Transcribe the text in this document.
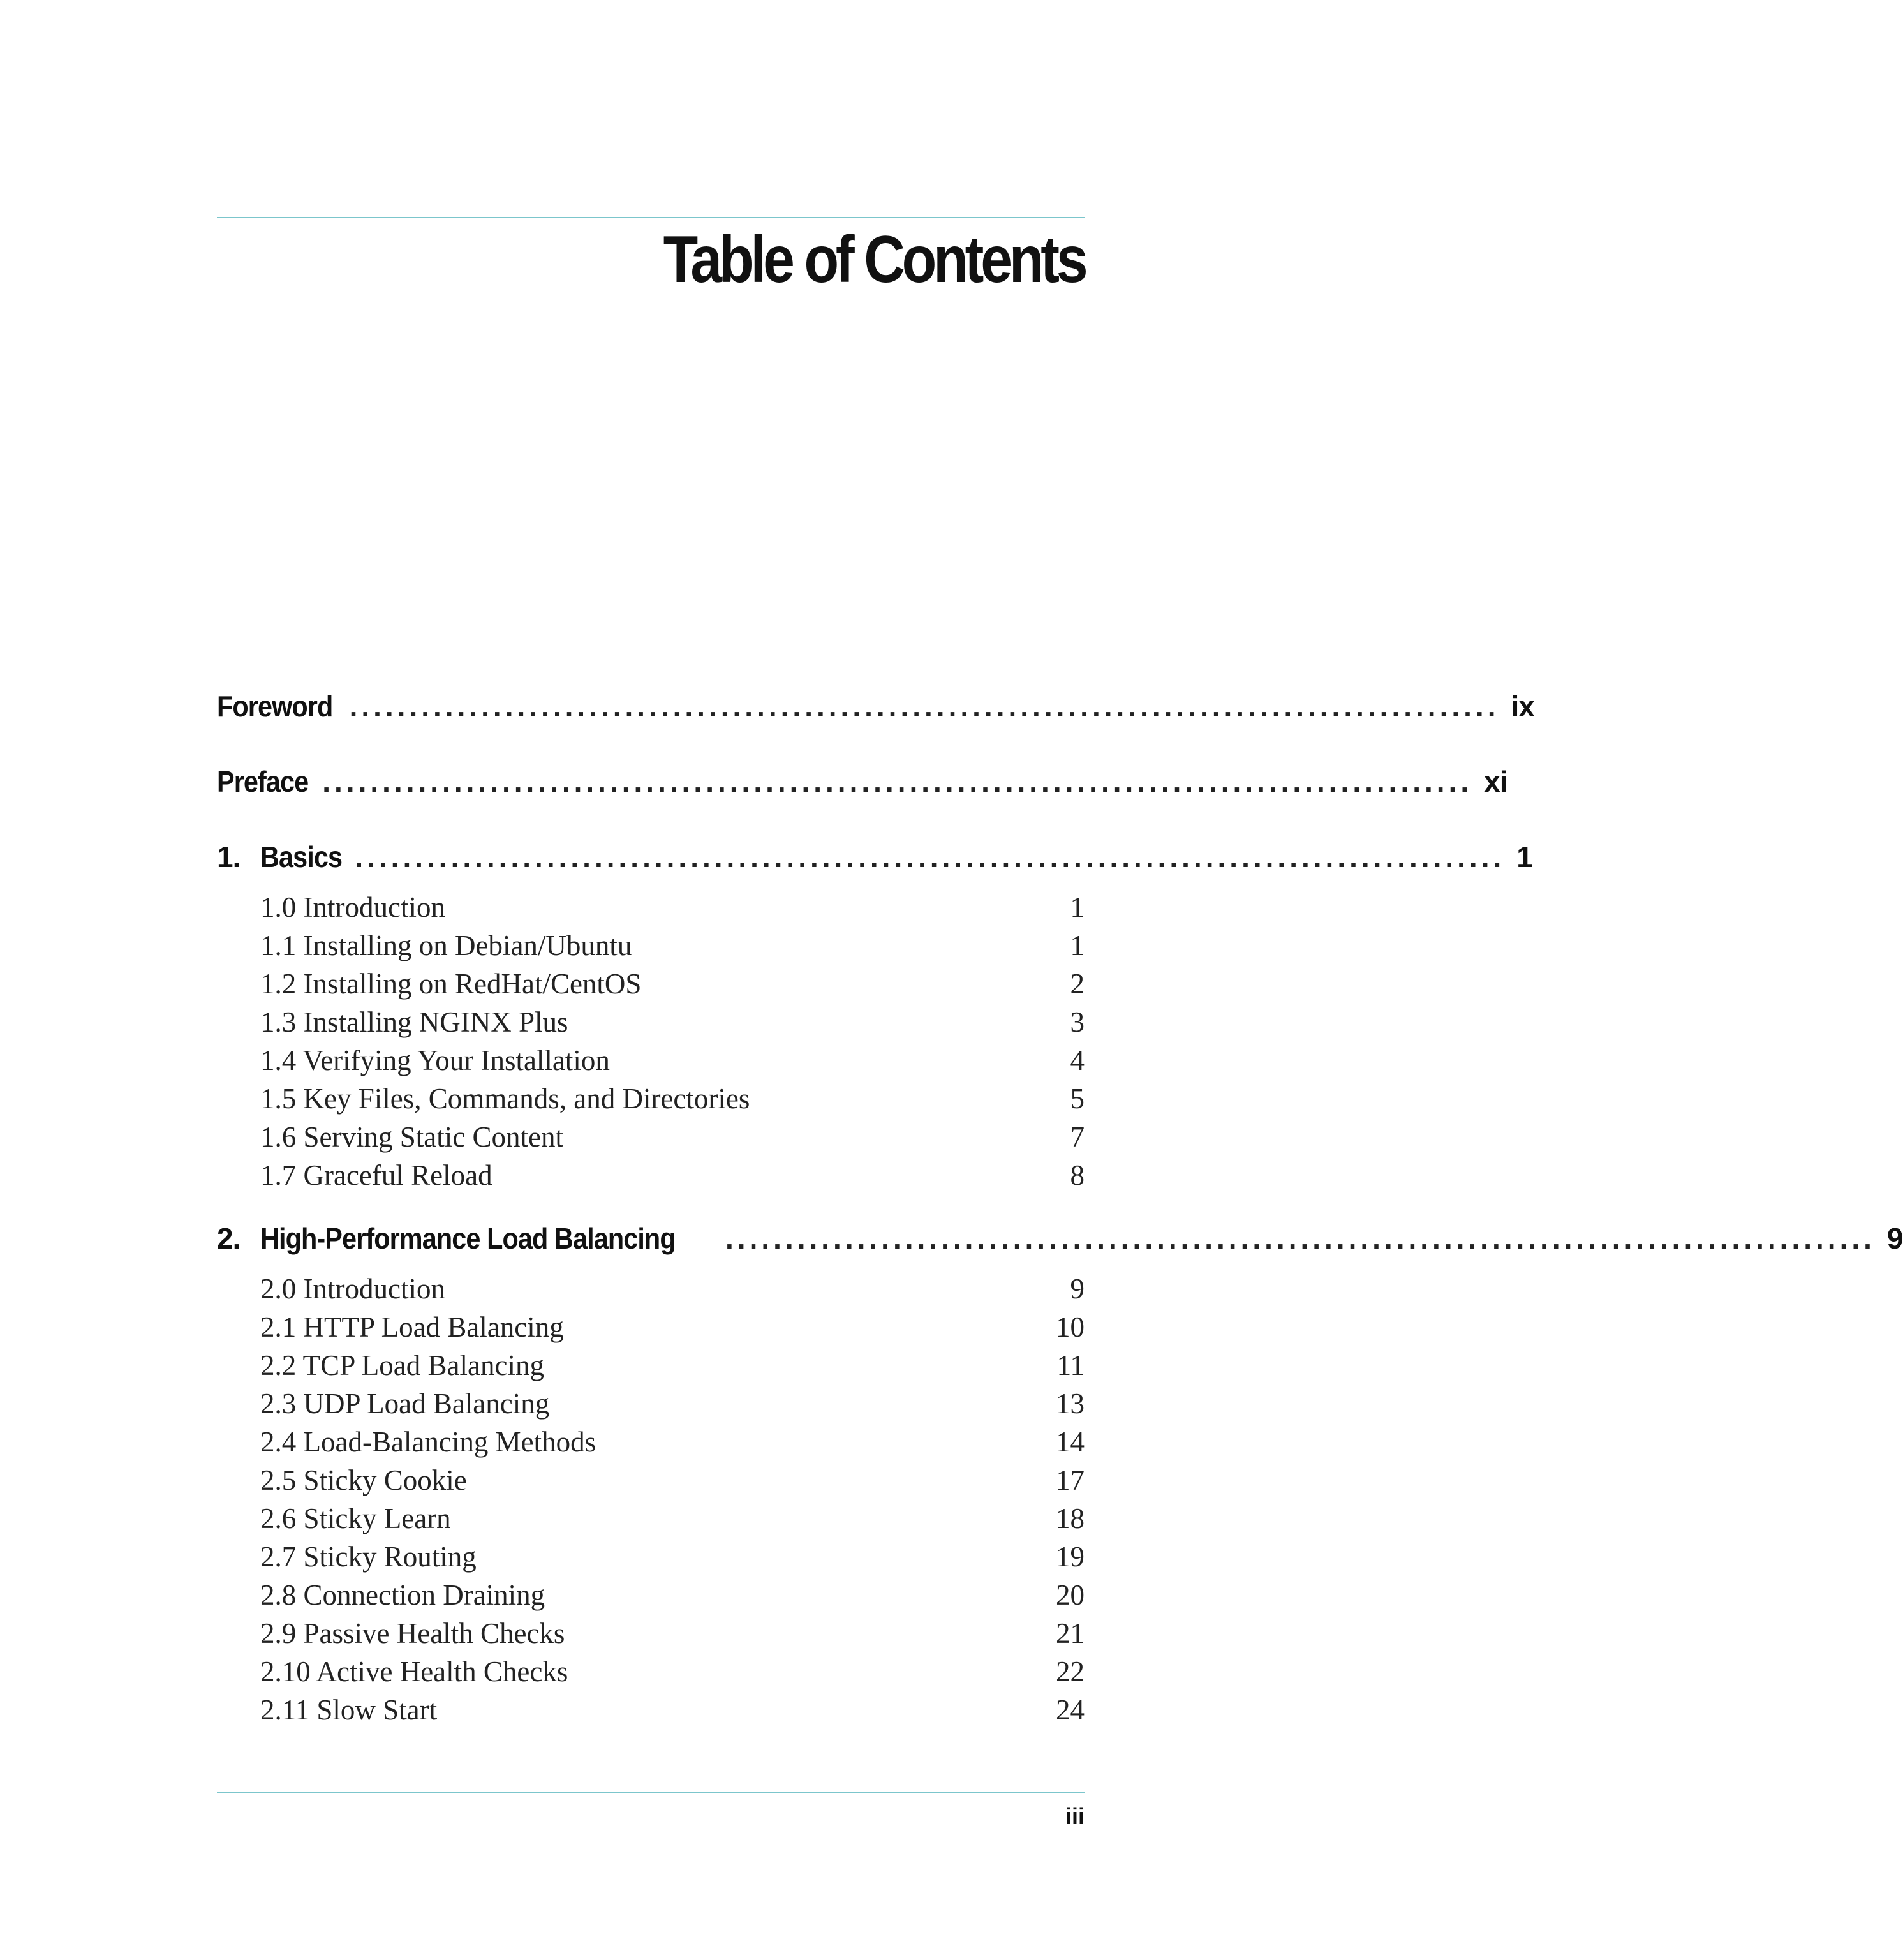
Table of Contents
Foreword ................................................................................................ ix
Preface ................................................................................................ xi
1. Basics ................................................................................................ 1
1.0 Introduction	1
1.1 Installing on Debian/Ubuntu	1
1.2 Installing on RedHat/CentOS	2
1.3 Installing NGINX Plus	3
1.4 Verifying Your Installation	4
1.5 Key Files, Commands, and Directories	5
1.6 Serving Static Content	7
1.7 Graceful Reload	8
2. High-Performance Load Balancing ................................................................................................ 9
2.0 Introduction	9
2.1 HTTP Load Balancing	10
2.2 TCP Load Balancing	11
2.3 UDP Load Balancing	13
2.4 Load-Balancing Methods	14
2.5 Sticky Cookie	17
2.6 Sticky Learn	18
2.7 Sticky Routing	19
2.8 Connection Draining	20
2.9 Passive Health Checks	21
2.10 Active Health Checks	22
2.11 Slow Start	24
iii
